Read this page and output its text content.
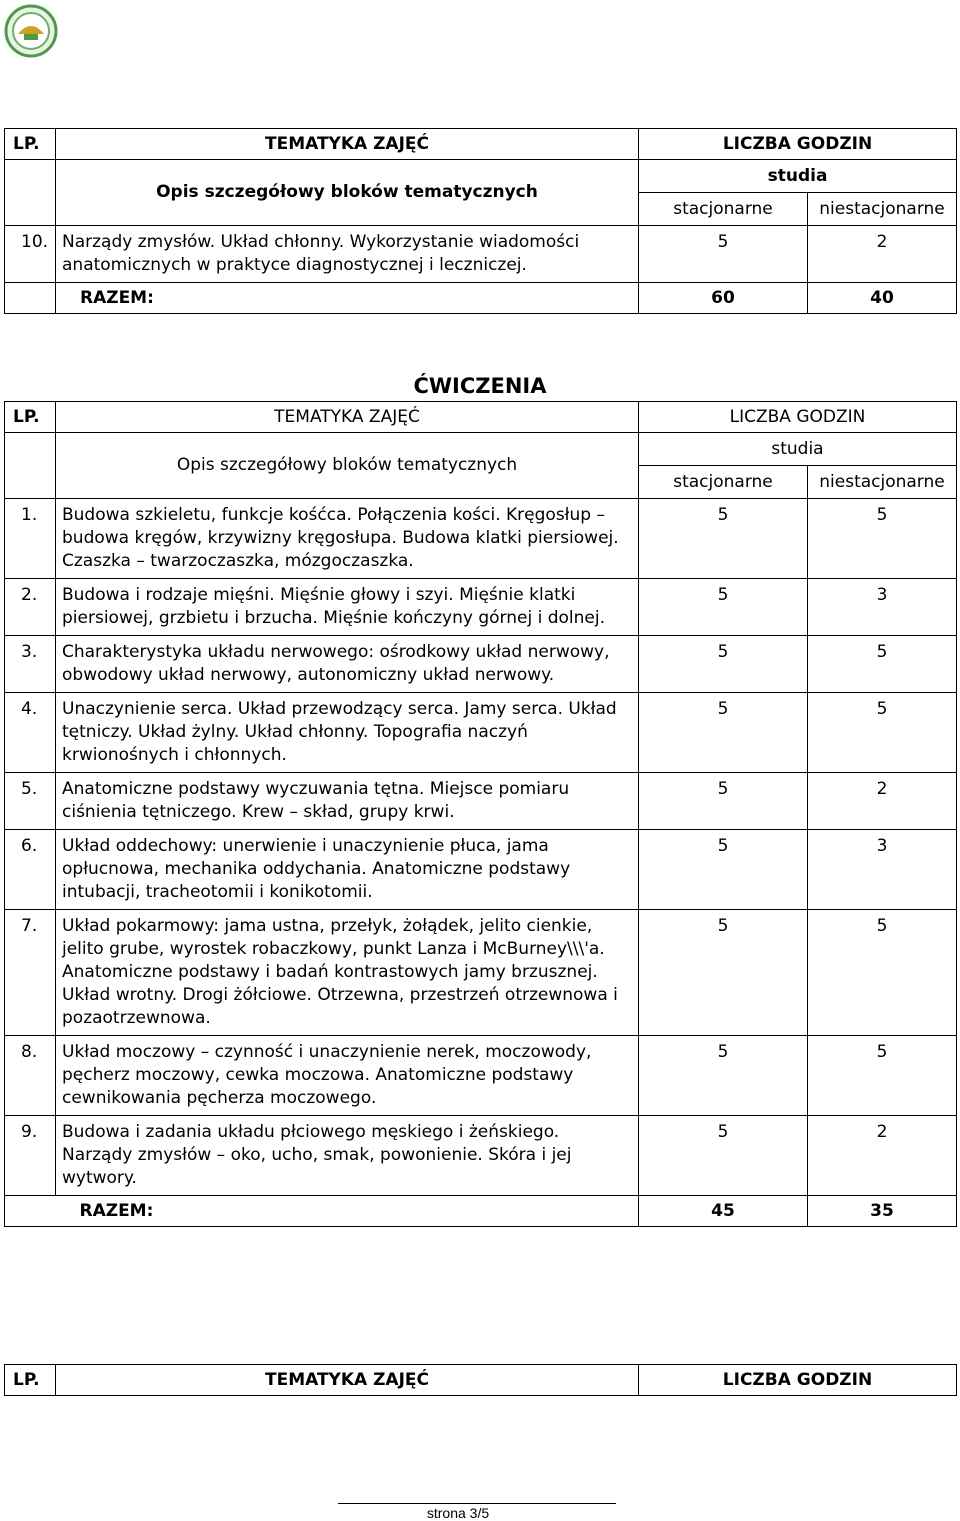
LP.	TEMATYKA ZAJĘĆ	LICZBA GODZIN	
	Opis szczegółowy bloków tematycznych	studia	
		stacjonarne	niestacjonarne
10.	Narządy zmysłów. Układ chłonny. Wykorzystanie wiadomości anatomicznych w praktyce diagnostycznej i leczniczej.	5	2
	RAZEM:	60	40
ĆWICZENIA
LP.	TEMATYKA ZAJĘĆ	LICZBA GODZIN	
	Opis szczegółowy bloków tematycznych	studia	
		stacjonarne	niestacjonarne
1.	Budowa szkieletu, funkcje kośćca. Połączenia kości. Kręgosłup – budowa kręgów, krzywizny kręgosłupa. Budowa klatki piersiowej. Czaszka – twarzoczaszka, mózgoczaszka.	5	5
2.	Budowa i rodzaje mięśni. Mięśnie głowy i szyi. Mięśnie klatki piersiowej, grzbietu i brzucha. Mięśnie kończyny górnej i dolnej.	5	3
3.	Charakterystyka układu nerwowego: ośrodkowy układ nerwowy, obwodowy układ nerwowy, autonomiczny układ nerwowy.	5	5
4.	Unaczynienie serca. Układ przewodzący serca. Jamy serca. Układ tętniczy. Układ żylny. Układ chłonny. Topografia naczyń krwionośnych i chłonnych.	5	5
5.	Anatomiczne podstawy wyczuwania tętna. Miejsce pomiaru ciśnienia tętniczego. Krew – skład, grupy krwi.	5	2
6.	Układ oddechowy: unerwienie i unaczynienie płuca, jama opłucnowa, mechanika oddychania. Anatomiczne podstawy intubacji, tracheotomii i konikotomii.	5	3
7.	Układ pokarmowy: jama ustna, przełyk, żołądek, jelito cienkie, jelito grube, wyrostek robaczkowy, punkt Lanza i McBurney\\\'a. Anatomiczne podstawy i badań kontrastowych jamy brzusznej. Układ wrotny. Drogi żółciowe. Otrzewna, przestrzeń otrzewnowa i pozaotrzewnowa.	5	5
8.	Układ moczowy – czynność i unaczynienie nerek, moczowody, pęcherz moczowy, cewka moczowa. Anatomiczne podstawy cewnikowania pęcherza moczowego.	5	5
9.	Budowa i zadania układu płciowego męskiego i żeńskiego. Narządy zmysłów – oko, ucho, smak, powonienie. Skóra i jej wytwory.	5	2
	RAZEM:	45	35
LP.	TEMATYKA ZAJĘĆ	LICZBA GODZIN
strona 3/5
